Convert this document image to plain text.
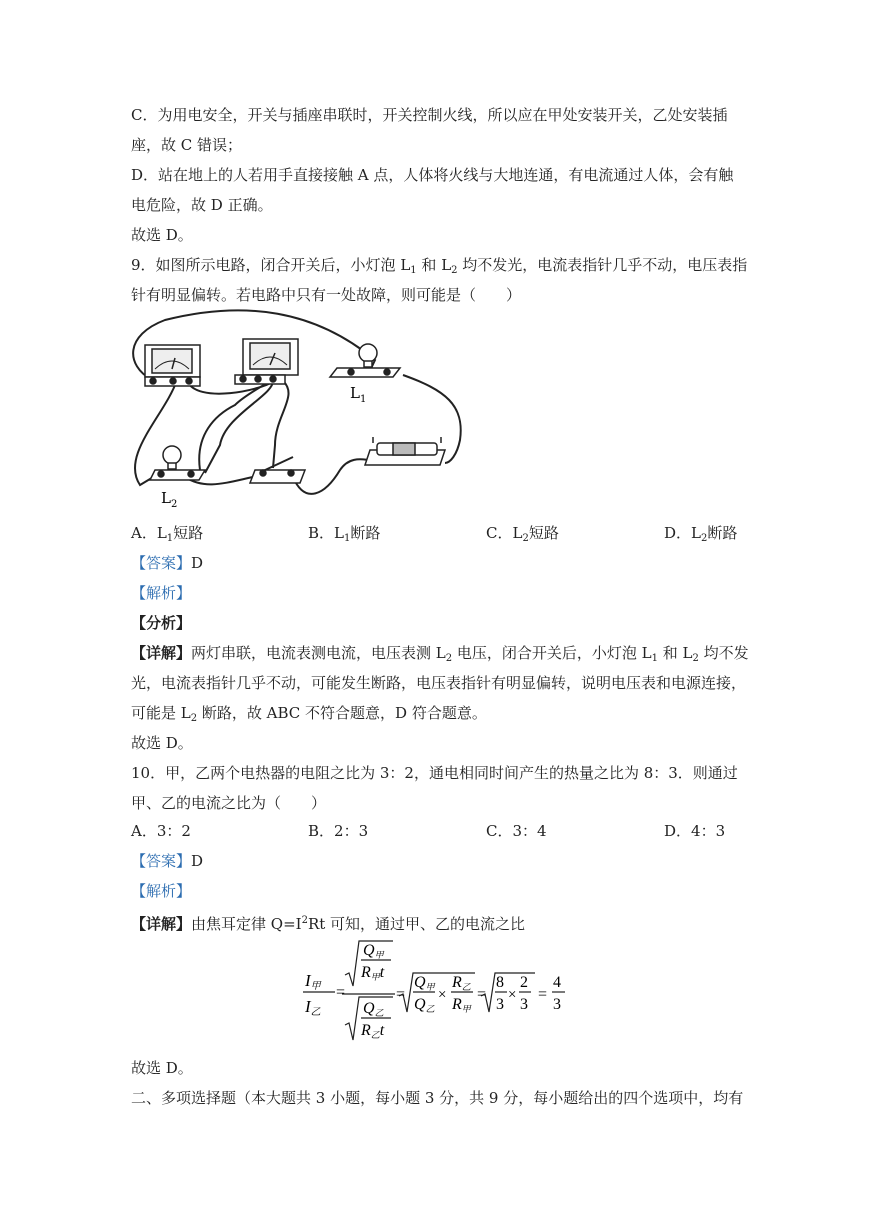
C．为用电安全，开关与插座串联时，开关控制火线，所以应在甲处安装开关，乙处安装插
座，故 C 错误；
D．站在地上的人若用手直接接触 A 点，人体将火线与大地连通，有电流通过人体，会有触
电危险，故 D 正确。
故选 D。
9．如图所示电路，闭合开关后，小灯泡 $L_1$ 和 $L_2$ 均不发光，电流表指针几乎不动，电压表指
针有明显偏转。若电路中只有一处故障，则可能是（　　）
$L_1$
$L_2$
A．$L_1$短路	B．$L_1$断路	C．$L_2$短路	D．$L_2$断路
【答案】D
【解析】
【分析】
【详解】两灯串联，电流表测电流，电压表测 $L_2$ 电压，闭合开关后，小灯泡 $L_1$ 和 $L_2$ 均不发
光，电流表指针几乎不动，可能发生断路，电压表指针有明显偏转，说明电压表和电源连接，
可能是 $L_2$ 断路，故 ABC 不符合题意，D 符合题意。
故选 D。
10．甲，乙两个电热器的电阻之比为 3：2，通电相同时间产生的热量之比为 8：3．则通过
甲、乙的电流之比为（　　）
A．3：2	B．2：3	C．3：4	D．4：3
【答案】D
【解析】
【详解】由焦耳定律 $Q=I^2Rt$ 可知，通过甲、乙的电流之比
I甲
I乙
=
Q甲
R甲t
Q乙
R乙t
=
Q甲
Q乙
×
R乙
R甲
=
8
3
×
2
3
=
4
3
故选 D。
二、多项选择题（本大题共 3 小题，每小题 3 分，共 9 分，每小题给出的四个选项中，均有
